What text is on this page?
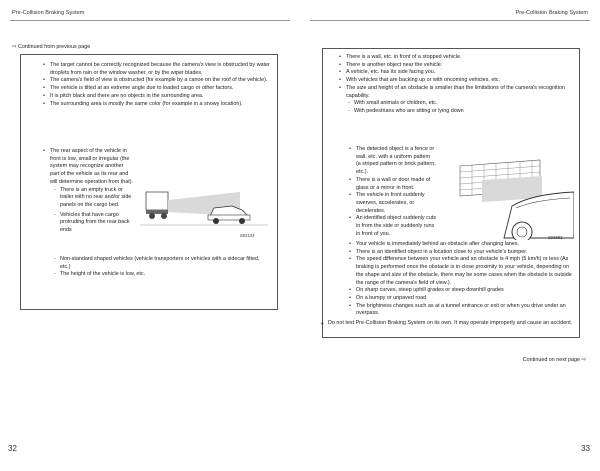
Pre-Collision Braking System	Pre-Collision Braking System
⇨ Continued from previous page
• The target cannot be correctly recognized because the camera's view is obstructed by water droplets from rain or the window washer, or by the wiper blades.
• The camera's field of view is obstructed (for example by a canoe on the roof of the vehicle).
• The vehicle is tilted at an extreme angle due to loaded cargo or other factors.
• It is pitch black and there are no objects in the surrounding area.
• The surrounding area is mostly the same color (for example in a snowy location).
• The rear aspect of the vehicle in front is low, small or irregular (the system may recognize another part of the vehicle as its rear and will determine operation from that).
- There is an empty truck or trailer with no rear and/or side panels on the cargo bed.
- Vehicles that have cargo protruding from the rear back ends
- Non-standard shaped vehicles (vehicle transporters or vehicles with a sidecar fitted, etc.)
- The height of the vehicle is low, etc.
S02133
• There is a wall, etc. in front of a stopped vehicle.
• There is another object near the vehicle.
• A vehicle, etc. has its side facing you.
• With vehicles that are backing up or with oncoming vehicles, etc.
• The size and height of an obstacle is smaller than the limitations of the camera's recognition capability.
- With small animals or children, etc.
- With pedestrians who are sitting or lying down
• The detected object is a fence or wall, etc. with a uniform pattern (a striped pattern or brick pattern, etc.).
• There is a wall or door made of glass or a mirror in front.
• The vehicle in front suddenly swerves, accelerates, or decelerates.
• An identified object suddenly cuts in from the side or suddenly runs in front of you.
• Your vehicle is immediately behind an obstacle after changing lanes.
• There is an identified object in a location close to your vehicle's bumper.
• The speed difference between your vehicle and an obstacle is 4 mph (5 km/h) or less (As braking is performed once the obstacle is in close proximity to your vehicle, depending on the shape and size of the obstacle, there may be some cases when the obstacle is outside the range of the camera's field of view.).
• On sharp curves, steep uphill grades or steep downhill grades
• On a bumpy or unpaved road
• The brightness changes such as at a tunnel entrance or exit or when you drive under an overpass.
S03683
● Do not test Pre-Collision Braking System on its own. It may operate improperly and cause an accident.
Continued on next page ⇨
32	33
